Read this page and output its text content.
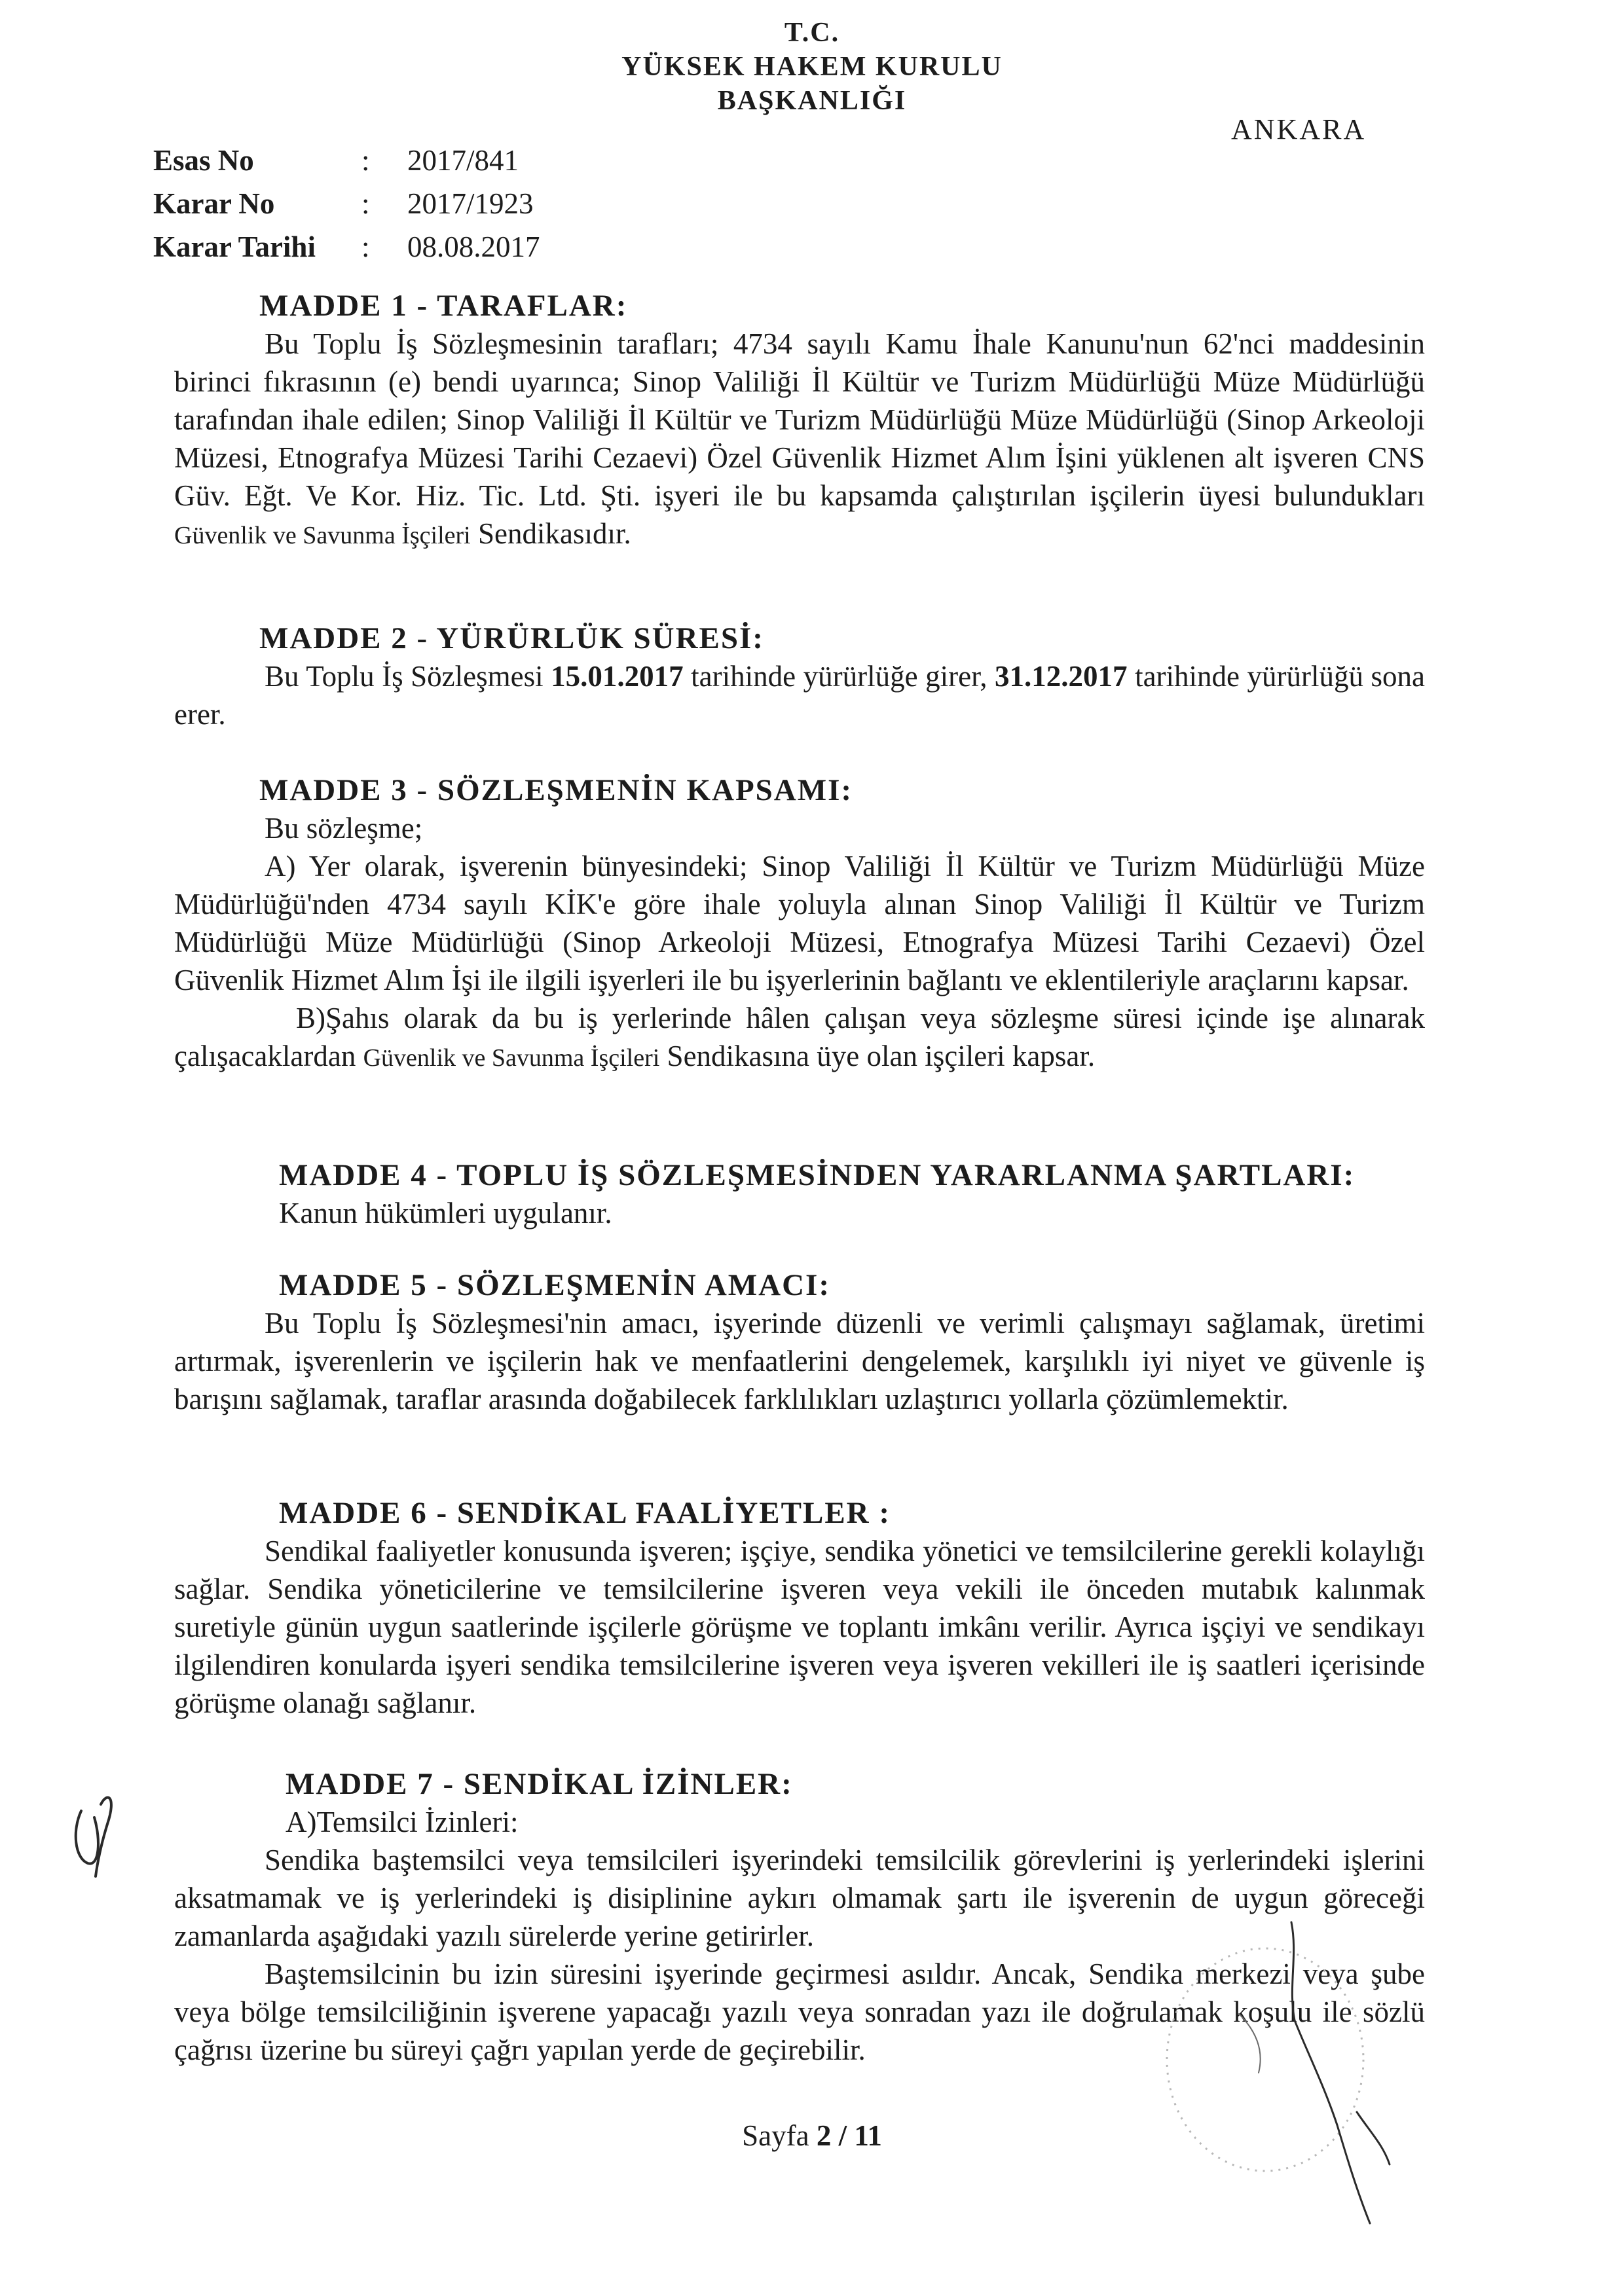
T.C.
YÜKSEK HAKEM KURULU
BAŞKANLIĞI
ANKARA
Esas No	:	2017/841
Karar No	:	2017/1923
Karar Tarihi	:	08.08.2017
MADDE 1 - TARAFLAR:

Bu Toplu İş Sözleşmesinin tarafları; 4734 sayılı Kamu İhale Kanunu'nun 62'nci maddesinin birinci fıkrasının (e) bendi uyarınca; Sinop Valiliği İl Kültür ve Turizm Müdürlüğü Müze Müdürlüğü tarafından ihale edilen; Sinop Valiliği İl Kültür ve Turizm Müdürlüğü Müze Müdürlüğü (Sinop Arkeoloji Müzesi, Etnografya Müzesi Tarihi Cezaevi) Özel Güvenlik Hizmet Alım İşini yüklenen alt işveren CNS Güv. Eğt. Ve Kor. Hiz. Tic. Ltd. Şti. işyeri ile bu kapsamda çalıştırılan işçilerin üyesi bulundukları Güvenlik ve Savunma İşçileri Sendikasıdır.

MADDE 2 - YÜRÜRLÜK SÜRESİ:

Bu Toplu İş Sözleşmesi 15.01.2017 tarihinde yürürlüğe girer, 31.12.2017 tarihinde yürürlüğü sona erer.

MADDE 3 - SÖZLEŞMENİN KAPSAMI:

Bu sözleşme;

A) Yer olarak, işverenin bünyesindeki; Sinop Valiliği İl Kültür ve Turizm Müdürlüğü Müze Müdürlüğü'nden 4734 sayılı KİK'e göre ihale yoluyla alınan Sinop Valiliği İl Kültür ve Turizm Müdürlüğü Müze Müdürlüğü (Sinop Arkeoloji Müzesi, Etnografya Müzesi Tarihi Cezaevi) Özel Güvenlik Hizmet Alım İşi ile ilgili işyerleri ile bu işyerlerinin bağlantı ve eklentileriyle araçlarını kapsar.

B)Şahıs olarak da bu iş yerlerinde hâlen çalışan veya sözleşme süresi içinde işe alınarak çalışacaklardan Güvenlik ve Savunma İşçileri Sendikasına üye olan işçileri kapsar.

MADDE 4 - TOPLU İŞ SÖZLEŞMESİNDEN YARARLANMA ŞARTLARI:

Kanun hükümleri uygulanır.

MADDE 5 - SÖZLEŞMENİN AMACI:

Bu Toplu İş Sözleşmesi'nin amacı, işyerinde düzenli ve verimli çalışmayı sağlamak, üretimi artırmak, işverenlerin ve işçilerin hak ve menfaatlerini dengelemek, karşılıklı iyi niyet ve güvenle iş barışını sağlamak, taraflar arasında doğabilecek farklılıkları uzlaştırıcı yollarla çözümlemektir.

MADDE 6 - SENDİKAL FAALİYETLER :

Sendikal faaliyetler konusunda işveren; işçiye, sendika yönetici ve temsilcilerine gerekli kolaylığı sağlar. Sendika yöneticilerine ve temsilcilerine işveren veya vekili ile önceden mutabık kalınmak suretiyle günün uygun saatlerinde işçilerle görüşme ve toplantı imkânı verilir. Ayrıca işçiyi ve sendikayı ilgilendiren konularda işyeri sendika temsilcilerine işveren veya işveren vekilleri ile iş saatleri içerisinde görüşme olanağı sağlanır.

MADDE 7 - SENDİKAL İZİNLER:

A)Temsilci İzinleri:

Sendika baştemsilci veya temsilcileri işyerindeki temsilcilik görevlerini iş yerlerindeki işlerini aksatmamak ve iş yerlerindeki iş disiplinine aykırı olmamak şartı ile işverenin de uygun göreceği zamanlarda aşağıdaki yazılı sürelerde yerine getirirler.

Baştemsilcinin bu izin süresini işyerinde geçirmesi asıldır. Ancak, Sendika merkezi veya şube veya bölge temsilciliğinin işverene yapacağı yazılı veya sonradan yazı ile doğrulamak koşulu ile sözlü çağrısı üzerine bu süreyi çağrı yapılan yerde de geçirebilir.

Sayfa 2 / 11
